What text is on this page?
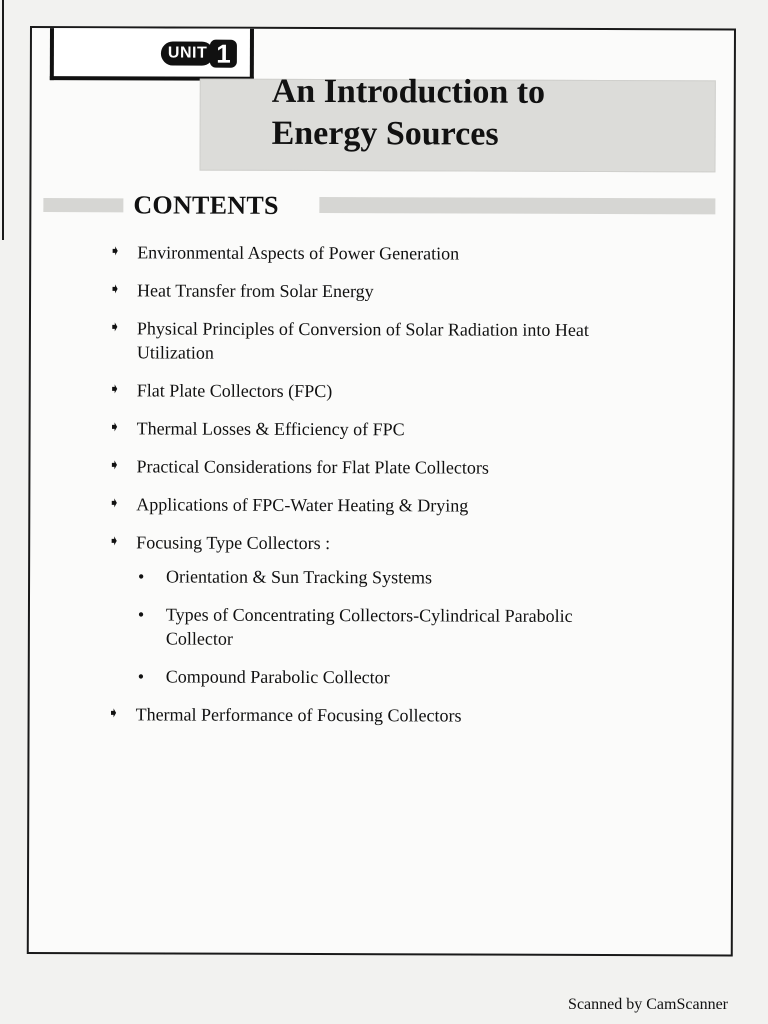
UNIT 1
An Introduction to
Energy Sources
CONTENTS
➧ Environmental Aspects of Power Generation
➧ Heat Transfer from Solar Energy
➧ Physical Principles of Conversion of Solar Radiation into Heat
Utilization
➧ Flat Plate Collectors (FPC)
➧ Thermal Losses & Efficiency of FPC
➧ Practical Considerations for Flat Plate Collectors
➧ Applications of FPC-Water Heating & Drying
➧ Focusing Type Collectors :
•	Orientation & Sun Tracking Systems
•	Types of Concentrating Collectors-Cylindrical Parabolic
Collector
•	Compound Parabolic Collector
➧ Thermal Performance of Focusing Collectors
Scanned by CamScanner
